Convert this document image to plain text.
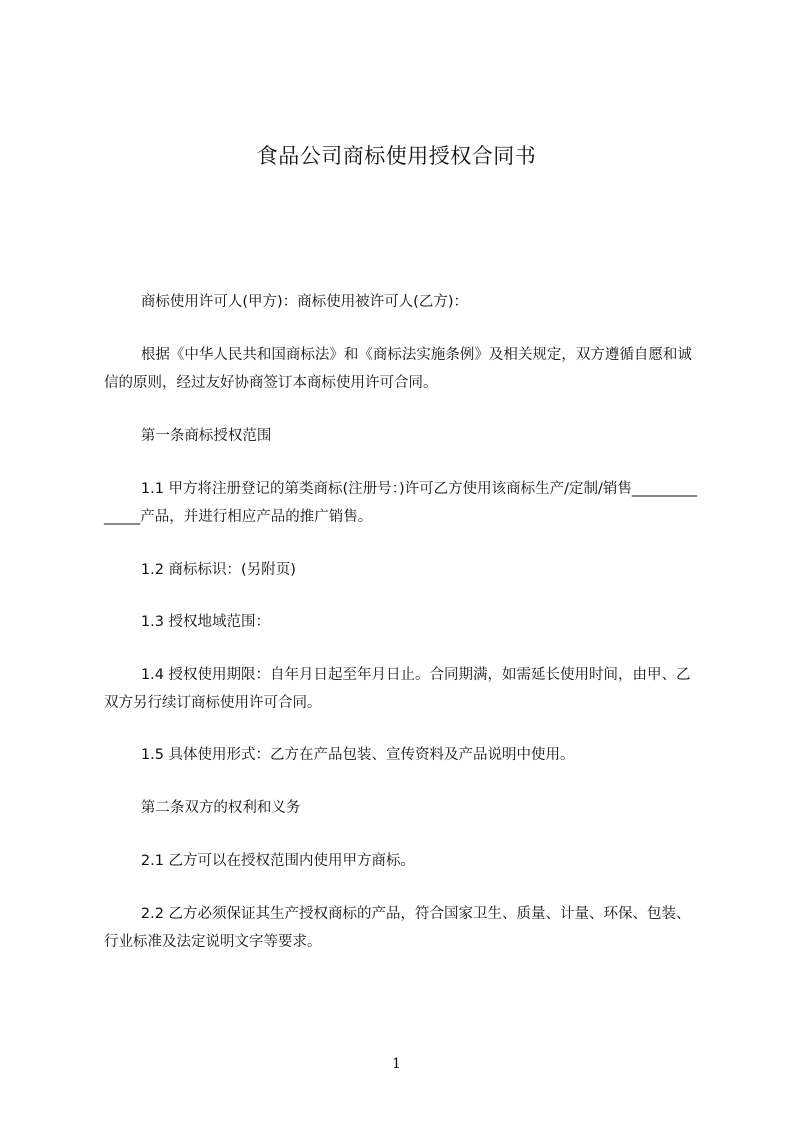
食品公司商标使用授权合同书
商标使用许可人(甲方)：商标使用被许可人(乙方)：
根据《中华人民共和国商标法》和《商标法实施条例》及相关规定，双方遵循自愿和诚信的原则，经过友好协商签订本商标使用许可合同。
第一条商标授权范围
1.1 甲方将注册登记的第类商标(注册号：)许可乙方使用该商标生产/定制/销售______________产品，并进行相应产品的推广销售。
1.2 商标标识：(另附页)
1.3 授权地域范围：
1.4 授权使用期限：自年月日起至年月日止。合同期满，如需延长使用时间，由甲、乙双方另行续订商标使用许可合同。
1.5 具体使用形式：乙方在产品包装、宣传资料及产品说明中使用。
第二条双方的权利和义务
2.1 乙方可以在授权范围内使用甲方商标。
2.2 乙方必须保证其生产授权商标的产品，符合国家卫生、质量、计量、环保、包装、行业标准及法定说明文字等要求。
1
